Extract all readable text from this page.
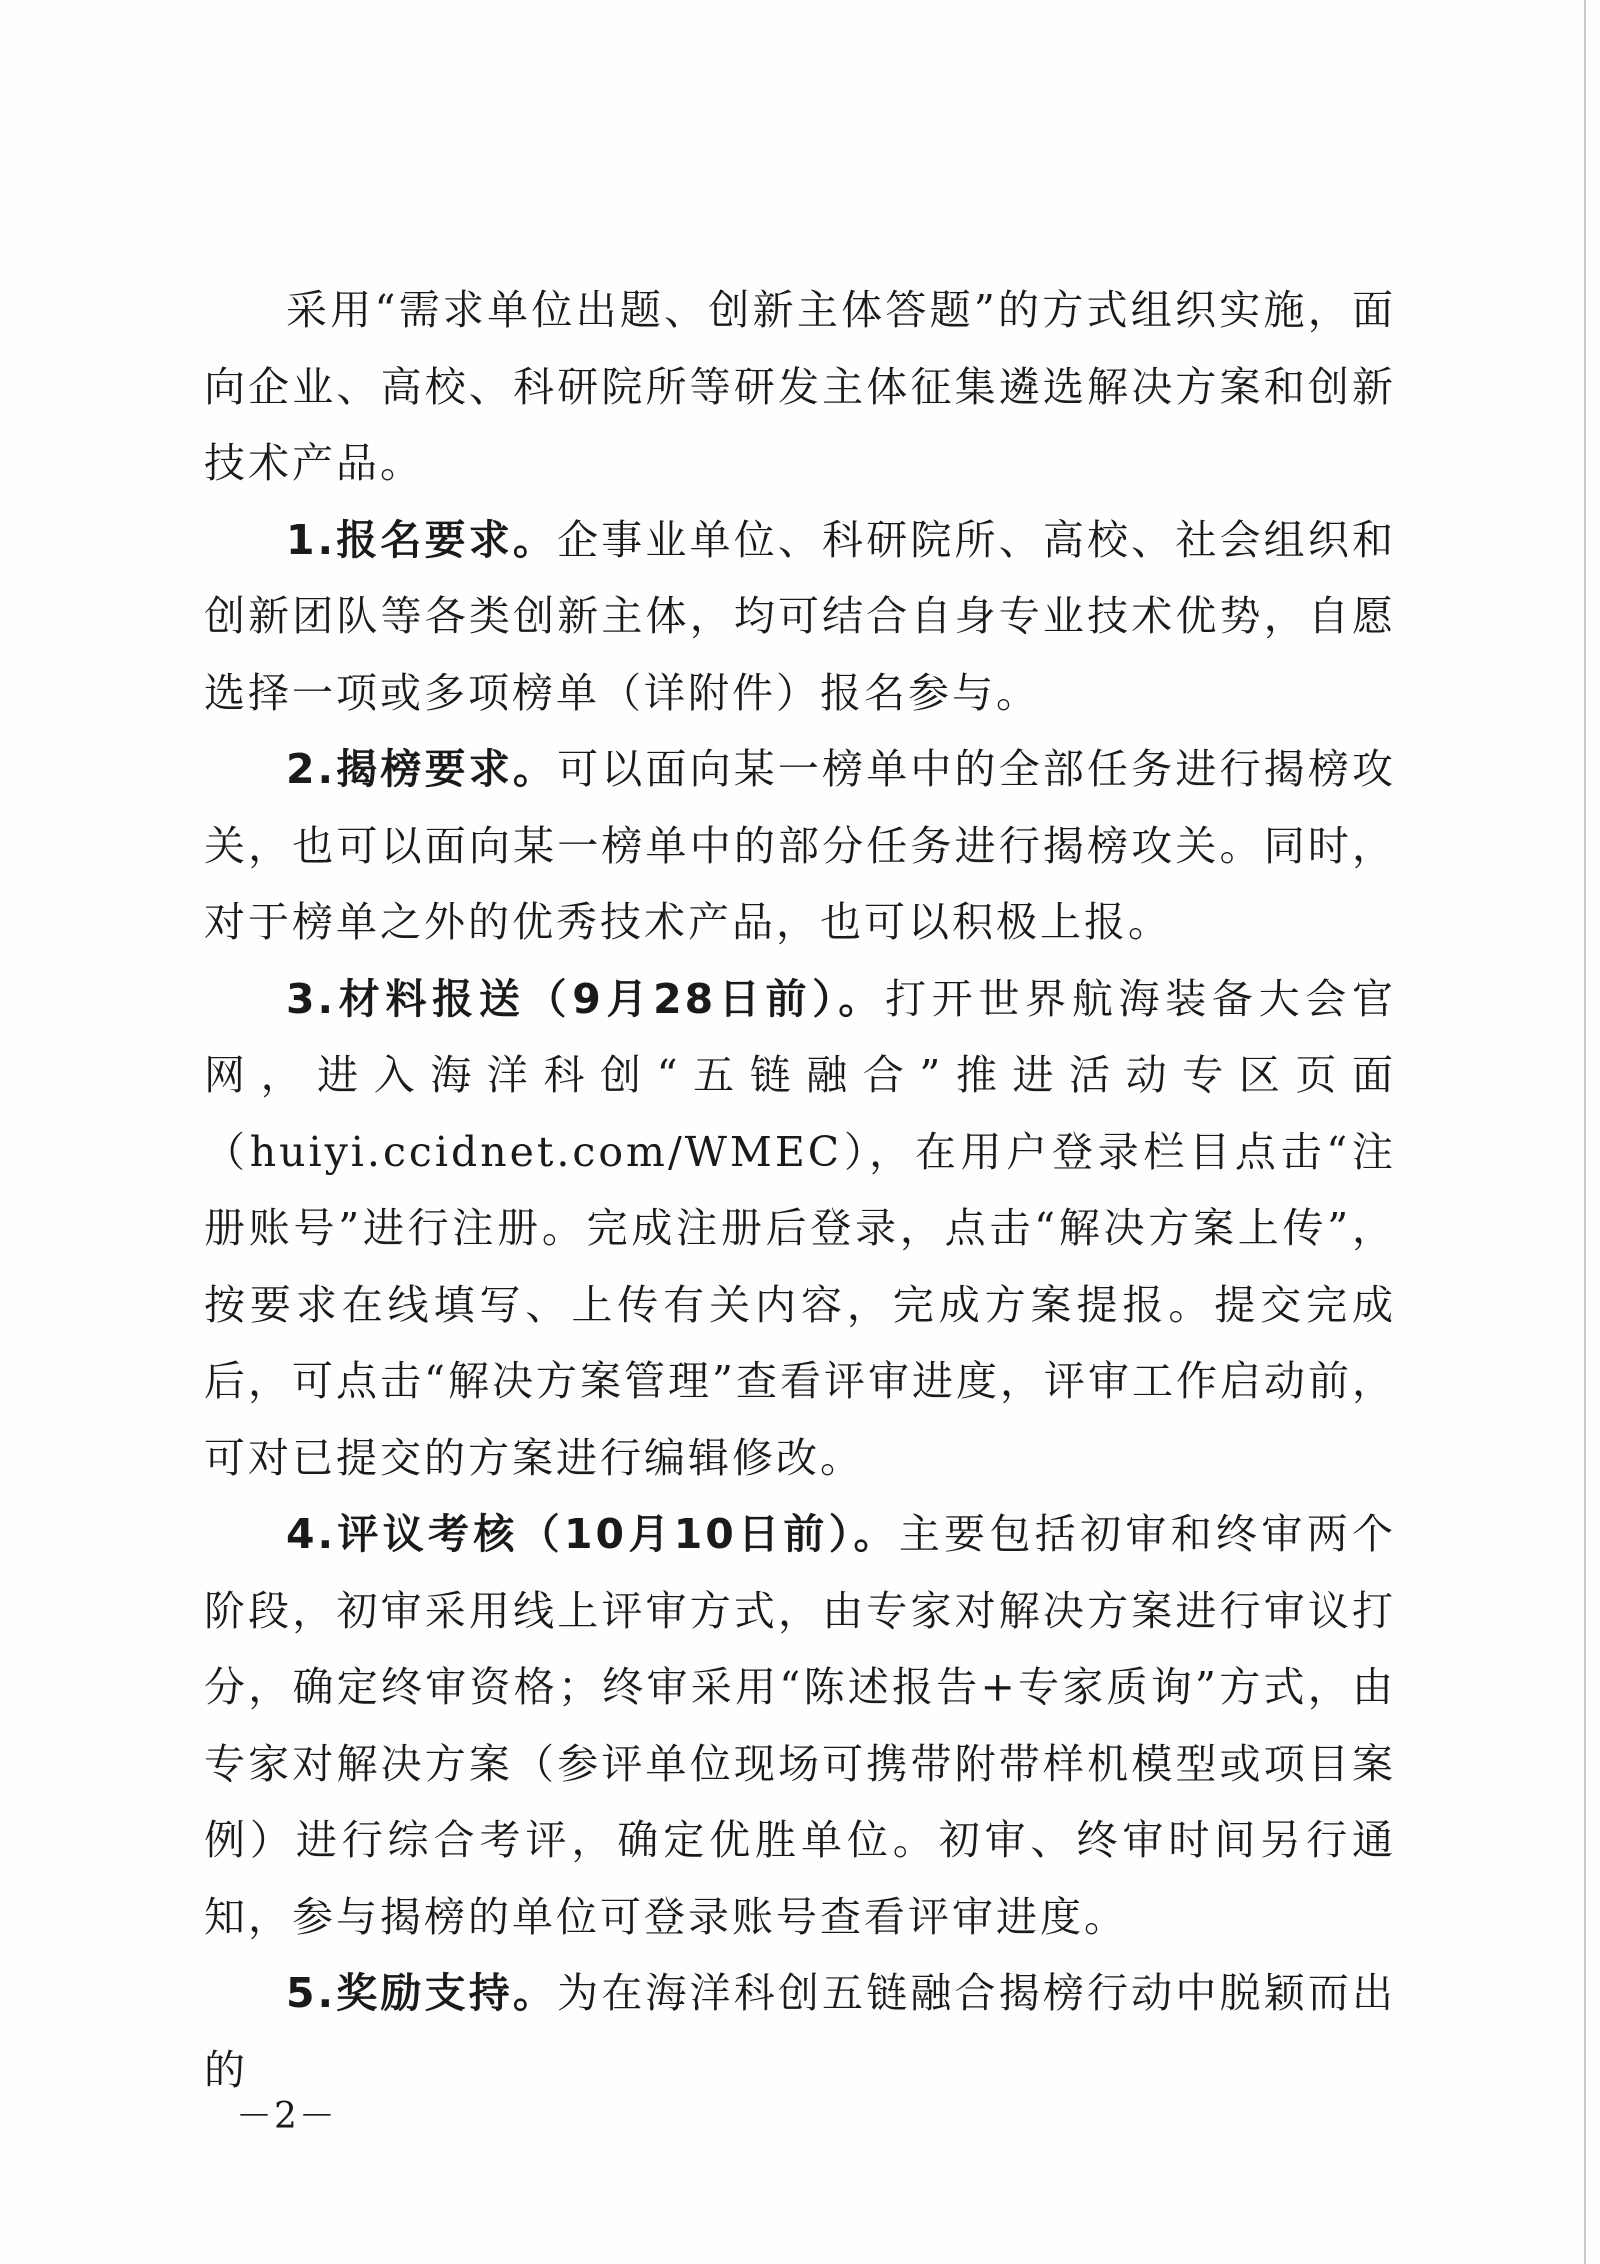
采用“需求单位出题、创新主体答题”的方式组织实施，面向企业、高校、科研院所等研发主体征集遴选解决方案和创新技术产品。

1.报名要求。企事业单位、科研院所、高校、社会组织和创新团队等各类创新主体，均可结合自身专业技术优势，自愿选择一项或多项榜单（详附件）报名参与。

2.揭榜要求。可以面向某一榜单中的全部任务进行揭榜攻关，也可以面向某一榜单中的部分任务进行揭榜攻关。同时，对于榜单之外的优秀技术产品，也可以积极上报。

3.材料报送（9月28日前）。打开世界航海装备大会官网，进入海洋科创“五链融合”推进活动专区页面（huiyi.ccidnet.com/WMEC），在用户登录栏目点击“注册账号”进行注册。完成注册后登录，点击“解决方案上传”，按要求在线填写、上传有关内容，完成方案提报。提交完成后，可点击“解决方案管理”查看评审进度，评审工作启动前，可对已提交的方案进行编辑修改。

4.评议考核（10月10日前）。主要包括初审和终审两个阶段，初审采用线上评审方式，由专家对解决方案进行审议打分，确定终审资格；终审采用“陈述报告+专家质询”方式，由专家对解决方案（参评单位现场可携带附带样机模型或项目案例）进行综合考评，确定优胜单位。初审、终审时间另行通知，参与揭榜的单位可登录账号查看评审进度。

5.奖励支持。为在海洋科创五链融合揭榜行动中脱颖而出的

－2－
